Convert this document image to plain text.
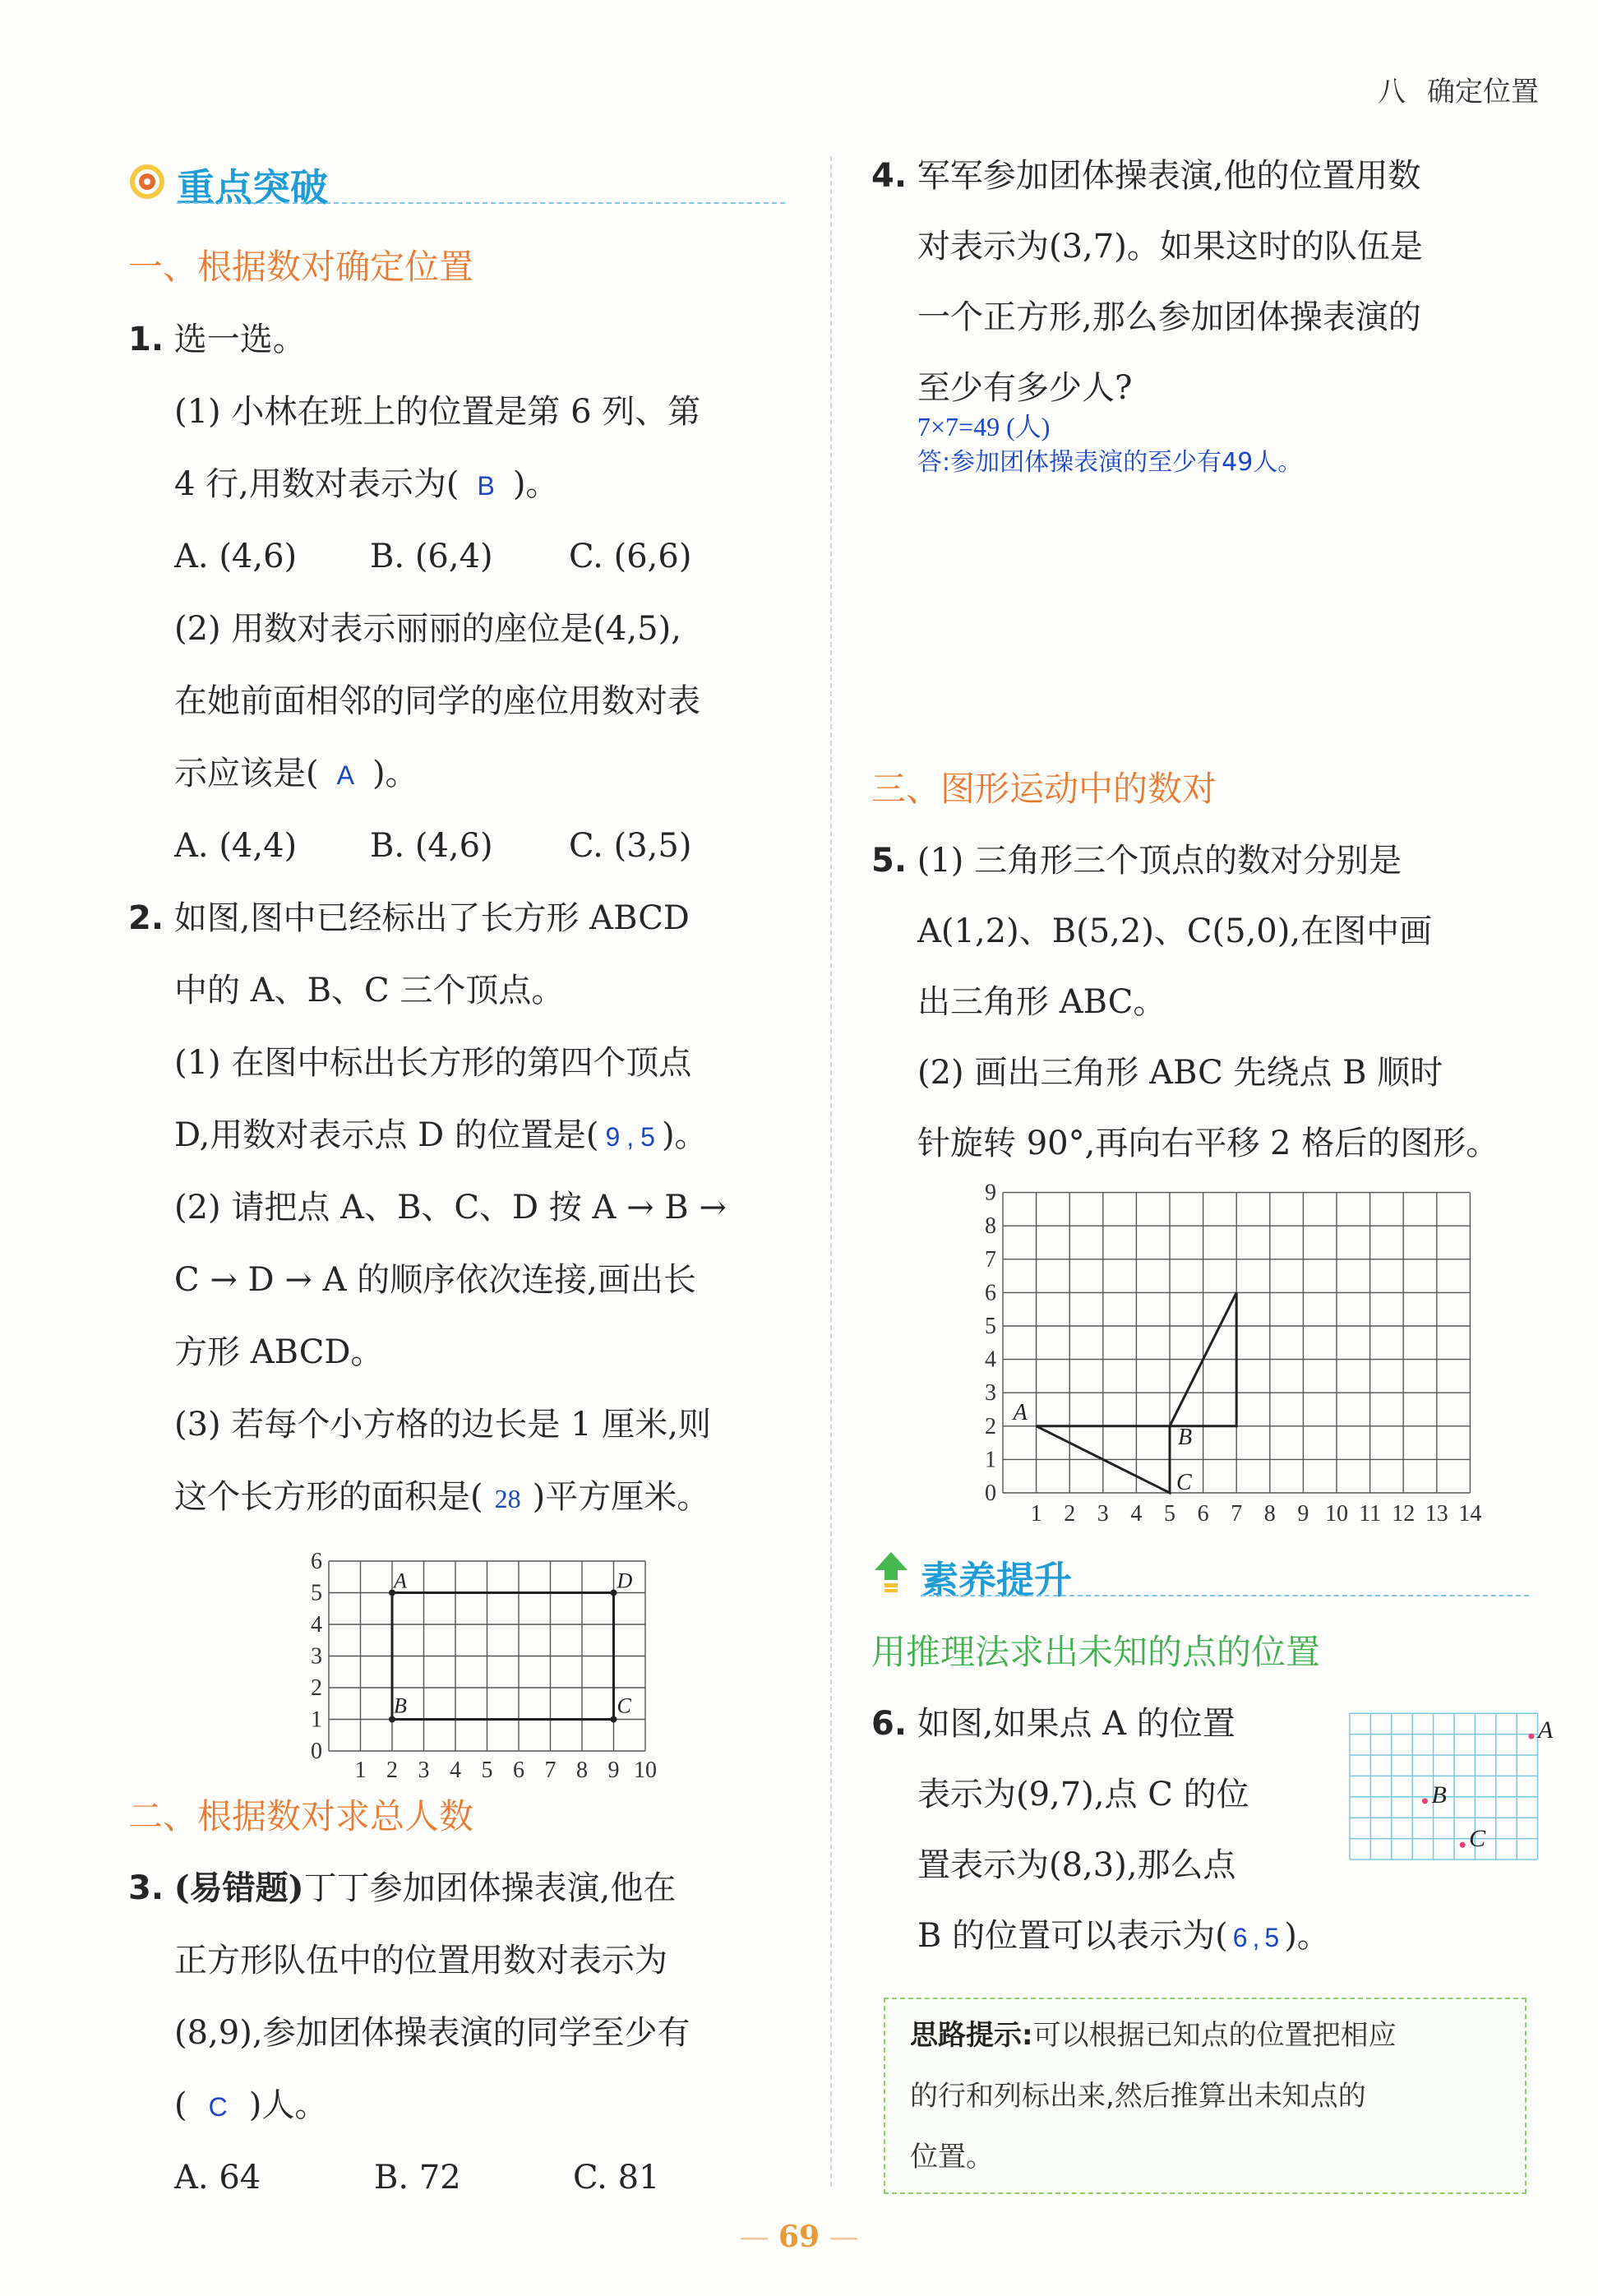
八 确定位置
重点突破
一、根据数对确定位置
1. 选一选。
(1) 小林在班上的位置是第 6 列、第
4 行,用数对表示为( B )。
A. (4,6) B. (6,4) C. (6,6)
(2) 用数对表示丽丽的座位是(4,5),
在她前面相邻的同学的座位用数对表
示应该是( A )。
A. (4,4) B. (4,6) C. (3,5)
2. 如图,图中已经标出了长方形 ABCD
中的 A、B、C 三个顶点。
(1) 在图中标出长方形的第四个顶点
D,用数对表示点 D 的位置是( 9 , 5 )。
(2) 请把点 A、B、C、D 按 A → B →
C → D → A 的顺序依次连接,画出长
方形 ABCD。
(3) 若每个小方格的边长是 1 厘米,则
这个长方形的面积是( 28 )平方厘米。
1 2 3 4 5 6 7 8 9 10
0
1
2
3
4
5
6
A
B	C
D
二、根据数对求总人数
3. (易错题)丁丁参加团体操表演,他在
正方形队伍中的位置用数对表示为
(8,9),参加团体操表演的同学至少有
( C )人。
A. 64	B. 72	C. 81
4. 军军参加团体操表演,他的位置用数
对表示为(3,7)。如果这时的队伍是
一个正方形,那么参加团体操表演的
至少有多少人?
7×7=49 (人)
答:参加团体操表演的至少有49人。
三、图形运动中的数对
5. (1) 三角形三个顶点的数对分别是
A(1,2)、B(5,2)、C(5,0),在图中画
出三角形 ABC。
(2) 画出三角形 ABC 先绕点 B 顺时
针旋转 90°,再向右平移 2 格后的图形。
1 2 3 4 5 6 7 8 9 10 11 12 13 14
0
1
2
3
4
5
6
7
8
9
A
B
C
素养提升
用推理法求出未知的点的位置
6. 如图,如果点 A 的位置
表示为(9,7),点 C 的位
置表示为(8,3),那么点
B 的位置可以表示为( 6 , 5 )。
A
B
C
思路提示:可以根据已知点的位置把相应
的行和列标出来,然后推算出未知点的
位置。
— 69 —
